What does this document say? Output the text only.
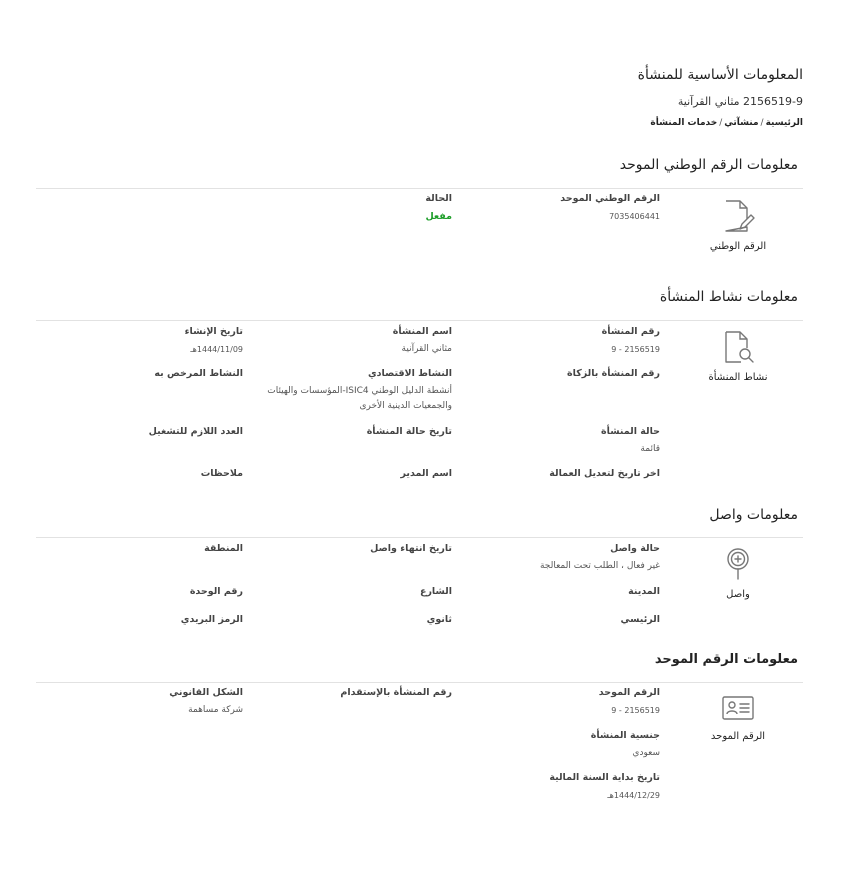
المعلومات الأساسية للمنشأة
2156519-9 مثاني القرآنية
الرئيسية/منشآتي/خدمات المنشأة
معلومات الرقم الوطني الموحد
الرقم الوطني
الرقم الوطني الموحد
7035406441
الحالة
مفعل
معلومات نشاط المنشأة
نشاط المنشأة
رقم المنشأة
2156519 - 9
اسم المنشأة
مثاني القرآنية
تاريخ الإنشاء
1444/11/09هـ
رقم المنشأة بالزكاة
النشاط الاقتصادي
أنشطة الدليل الوطني ISIC4-المؤسسات والهيئات والجمعيات الدينية الأخرى
النشاط المرخص به
حالة المنشأة
قائمة
تاريخ حالة المنشأة
العدد اللازم للتشغيل
اخر تاريخ لتعديل العمالة
اسم المدير
ملاحظات
معلومات واصل
واصل
حالة واصل
غير فعال ، الطلب تحت المعالجة
تاريخ انتهاء واصل
المنطقة
المدينة
الشارع
رقم الوحدة
الرئيسي
ثانوي
الرمز البريدي
معلومات الرقم الموحد
الرقم الموحد
الرقم الموحد
2156519 - 9
رقم المنشأة بالإستقدام
الشكل القانوني
شركة مساهمة
جنسية المنشأة
سعودي
تاريخ بداية السنة المالية
1444/12/29هـ
